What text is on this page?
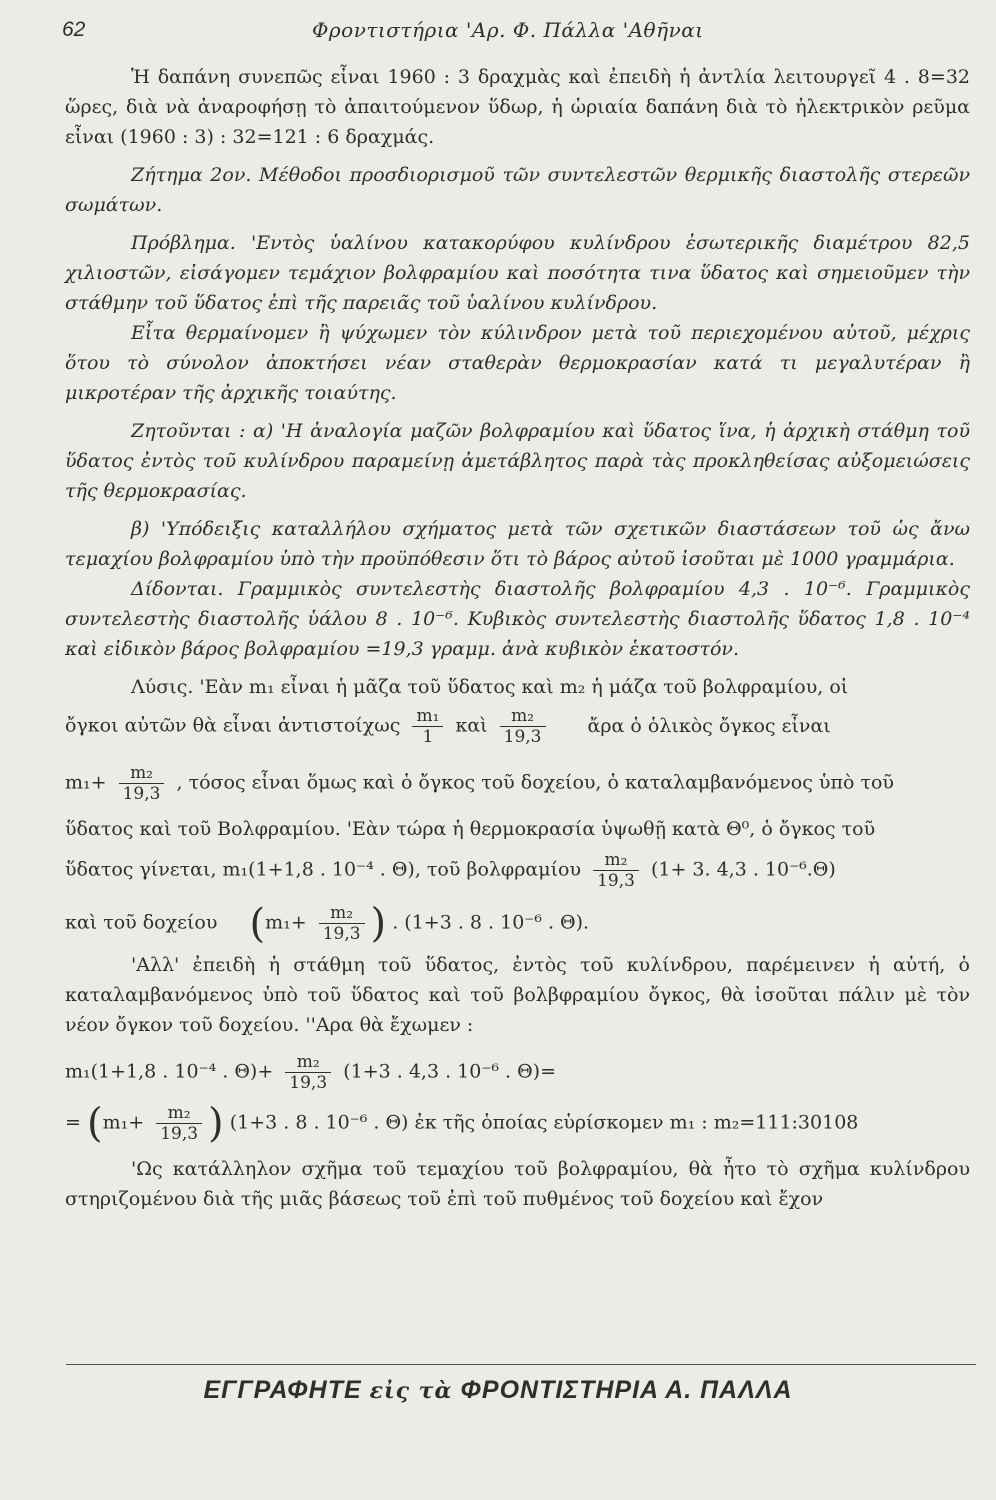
62	Φροντιστήρια 'Αρ. Φ. Πάλλα 'Αθῆναι

Ἡ δαπάνη συνεπῶς εἶναι 1960 : 3 δραχμὰς καὶ ἐπειδὴ ἡ ἀντλία λειτουργεῖ 4 . 8=32 ὥρες, διὰ νὰ ἀναροφήσῃ τὸ ἀπαιτούμενον ὕδωρ, ἡ ὡριαία δαπάνη διὰ τὸ ἠλεκτρικὸν ρεῦμα εἶναι (1960 : 3) : 32=121 : 6 δραχμάς.

Ζήτημα 2ον. Μέθοδοι προσδιορισμοῦ τῶν συντελεστῶν θερμικῆς διαστολῆς στερεῶν σωμάτων.

Πρόβλημα. 'Εντὸς ὑαλίνου κατακορύφου κυλίνδρου ἐσωτερικῆς διαμέτρου 82,5 χιλιοστῶν, εἰσάγομεν τεμάχιον βολφραμίου καὶ ποσότητα τινα ὕδατος καὶ σημειοῦμεν τὴν στάθμην τοῦ ὕδατος ἐπὶ τῆς παρειᾶς τοῦ ὑαλίνου κυλίνδρου.

Εἶτα θερμαίνομεν ἢ ψύχωμεν τὸν κύλινδρον μετὰ τοῦ περιεχομένου αὐτοῦ, μέχρις ὅτου τὸ σύνολον ἀποκτήσει νέαν σταθερὰν θερμοκρασίαν κατά τι μεγαλυτέραν ἢ μικροτέραν τῆς ἀρχικῆς τοιαύτης.

Ζητοῦνται : α) 'Η ἀναλογία μαζῶν βολφραμίου καὶ ὕδατος ἵνα, ἡ ἀρχικὴ στάθμη τοῦ ὕδατος ἐντὸς τοῦ κυλίνδρου παραμείνῃ ἀμετάβλητος παρὰ τὰς προκληθείσας αὐξομειώσεις τῆς θερμοκρασίας.

β) 'Υπόδειξις καταλλήλου σχήματος μετὰ τῶν σχετικῶν διαστάσεων τοῦ ὡς ἄνω τεμαχίου βολφραμίου ὑπὸ τὴν προϋπόθεσιν ὅτι τὸ βάρος αὐτοῦ ἰσοῦται μὲ 1000 γραμμάρια.

Δίδονται. Γραμμικὸς συντελεστὴς διαστολῆς βολφραμίου 4,3 . 10⁻⁶. Γραμμικὸς συντελεστὴς διαστολῆς ὑάλου 8 . 10⁻⁶. Κυβικὸς συντελεστὴς διαστολῆς ὕδατος 1,8 . 10⁻⁴ καὶ εἰδικὸν βάρος βολφραμίου =19,3 γραμμ. ἀνὰ κυβικὸν ἑκατοστόν.

Λύσις. 'Εὰν m₁ εἶναι ἡ μᾶζα τοῦ ὕδατος καὶ m₂ ἡ μάζα τοῦ βολφραμίου, οἱ

ὄγκοι αὐτῶν θὰ εἶναι ἀντιστοίχως $\frac{\text{m₁}}{1}$ καὶ $\frac{\text{m₂}}{19,3}$ ἄρα ὁ ὁλικὸς ὄγκος εἶναι
$m_1+ \frac{\text{m₂}}{19,3}$ , τόσος εἶναι ὅμως καὶ ὁ ὄγκος τοῦ δοχείου, ὁ καταλαμβανόμενος ὑπὸ τοῦ

ὕδατος καὶ τοῦ Βολφραμίου. 'Εὰν τώρα ἡ θερμοκρασία ὑψωθῇ κατὰ Θ⁰, ὁ ὄγκος τοῦ

ὕδατος γίνεται, m₁(1+1,8 . 10⁻⁴ . Θ), τοῦ βολφραμίου $\frac{\text{m₂}}{19,3} (1+ 3$. 4,3 . 10⁻⁶.Θ)
καὶ τοῦ δοχείου ($m_1+ \frac{\text{m₂}}{19,3}$ ) . (1+3 . 8 . 10⁻⁶ . Θ).

'Αλλ' ἐπειδὴ ἡ στάθμη τοῦ ὕδατος, ἐντὸς τοῦ κυλίνδρου, παρέμεινεν ἡ αὐτή, ὁ καταλαμβανόμενος ὑπὸ τοῦ ὕδατος καὶ τοῦ βολβφραμίου ὄγκος, θὰ ἰσοῦται πάλιν μὲ τὸν νέον ὄγκον τοῦ δοχείου. ''Αρα θὰ ἔχωμεν :

m₁(1+1,8 . 10⁻⁴ . $\Theta)+ \frac{\text{m₂}}{19,3} (1+3$ . 4,3 . 10⁻⁶ . Θ)=
= ($m_1+ \frac{\text{m₂}}{19,3}$ ) (1+3 . 8 . 10⁻⁶ . Θ) ἐκ τῆς ὁποίας εὑρίσκομεν m₁ : m₂=111:30108

'Ως κατάλληλον σχῆμα τοῦ τεμαχίου τοῦ βολφραμίου, θὰ ἦτο τὸ σχῆμα κυλίνδρου στηριζομένου διὰ τῆς μιᾶς βάσεως τοῦ ἐπὶ τοῦ πυθμένος τοῦ δοχείου καὶ ἔχον

ΕΓΓΡΑΦΗΤΕ εἰς τὰ ΦΡΟΝΤΙΣΤΗΡΙΑ Α. ΠΑΛΛΑ
